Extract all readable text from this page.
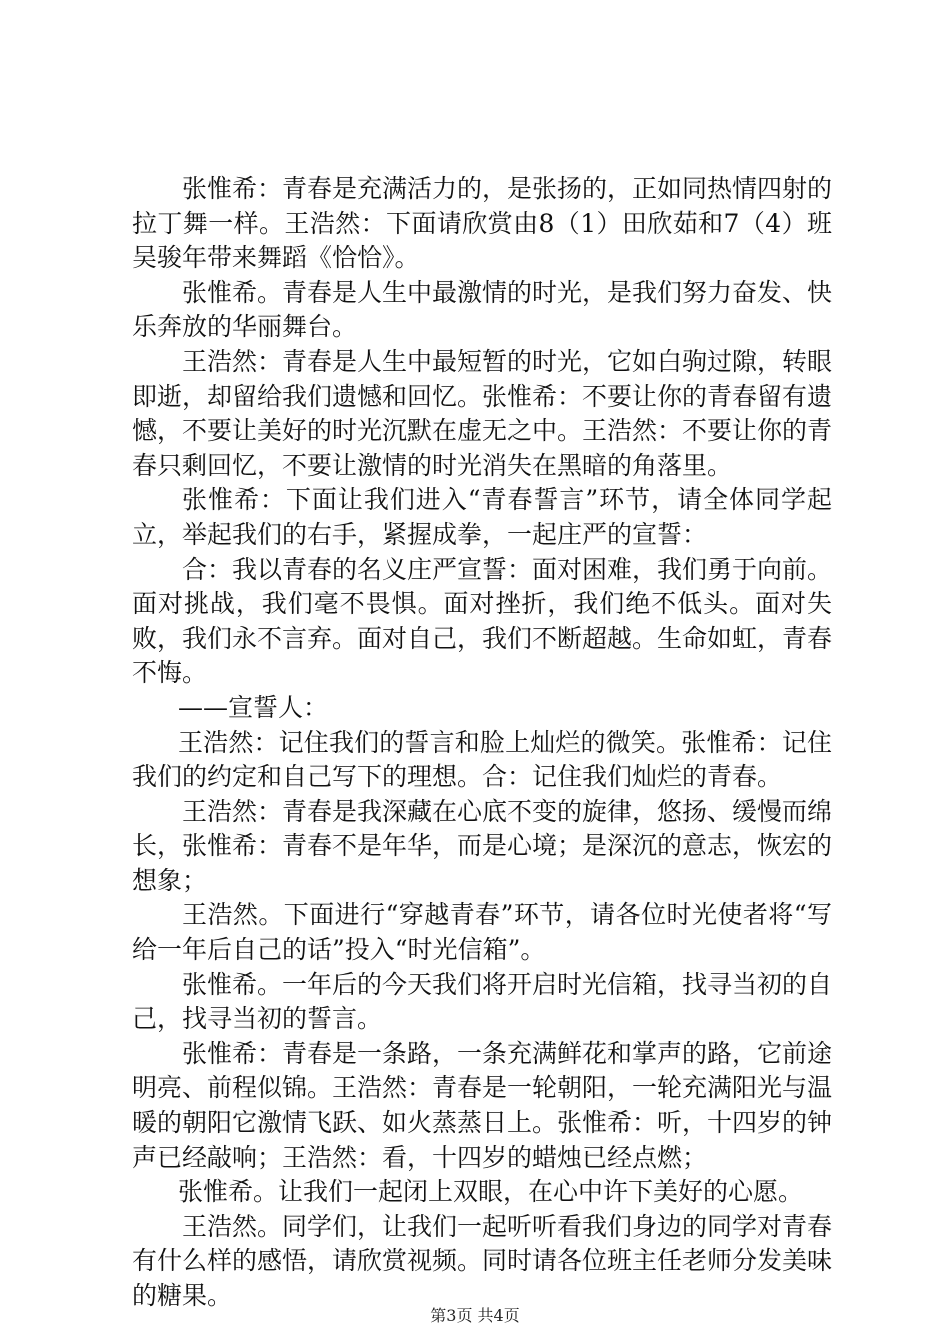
张惟希：青春是充满活力的，是张扬的，正如同热情四射的拉丁舞一样。王浩然：下面请欣赏由8（1）田欣茹和7（4）班吴骏年带来舞蹈《恰恰》。

张惟希。青春是人生中最激情的时光，是我们努力奋发、快乐奔放的华丽舞台。

王浩然：青春是人生中最短暂的时光，它如白驹过隙，转眼即逝，却留给我们遗憾和回忆。张惟希：不要让你的青春留有遗憾，不要让美好的时光沉默在虚无之中。王浩然：不要让你的青春只剩回忆，不要让激情的时光消失在黑暗的角落里。

张惟希：下面让我们进入“青春誓言”环节，请全体同学起立，举起我们的右手，紧握成拳，一起庄严的宣誓：

合：我以青春的名义庄严宣誓：面对困难，我们勇于向前。面对挑战，我们毫不畏惧。面对挫折，我们绝不低头。面对失败，我们永不言弃。面对自己，我们不断超越。生命如虹，青春不悔。

——宣誓人：

王浩然：记住我们的誓言和脸上灿烂的微笑。张惟希：记住我们的约定和自己写下的理想。合：记住我们灿烂的青春。

王浩然：青春是我深藏在心底不变的旋律，悠扬、缓慢而绵长，张惟希：青春不是年华，而是心境；是深沉的意志，恢宏的想象；

王浩然。下面进行“穿越青春”环节，请各位时光使者将“写给一年后自己的话”投入“时光信箱”。

张惟希。一年后的今天我们将开启时光信箱，找寻当初的自己，找寻当初的誓言。

张惟希：青春是一条路，一条充满鲜花和掌声的路，它前途明亮、前程似锦。王浩然：青春是一轮朝阳，一轮充满阳光与温暖的朝阳它激情飞跃、如火蒸蒸日上。张惟希：听，十四岁的钟声已经敲响；王浩然：看，十四岁的蜡烛已经点燃；

张惟希。让我们一起闭上双眼，在心中许下美好的心愿。

王浩然。同学们，让我们一起听听看我们身边的同学对青春有什么样的感悟，请欣赏视频。同时请各位班主任老师分发美味的糖果。

第3页 共4页
